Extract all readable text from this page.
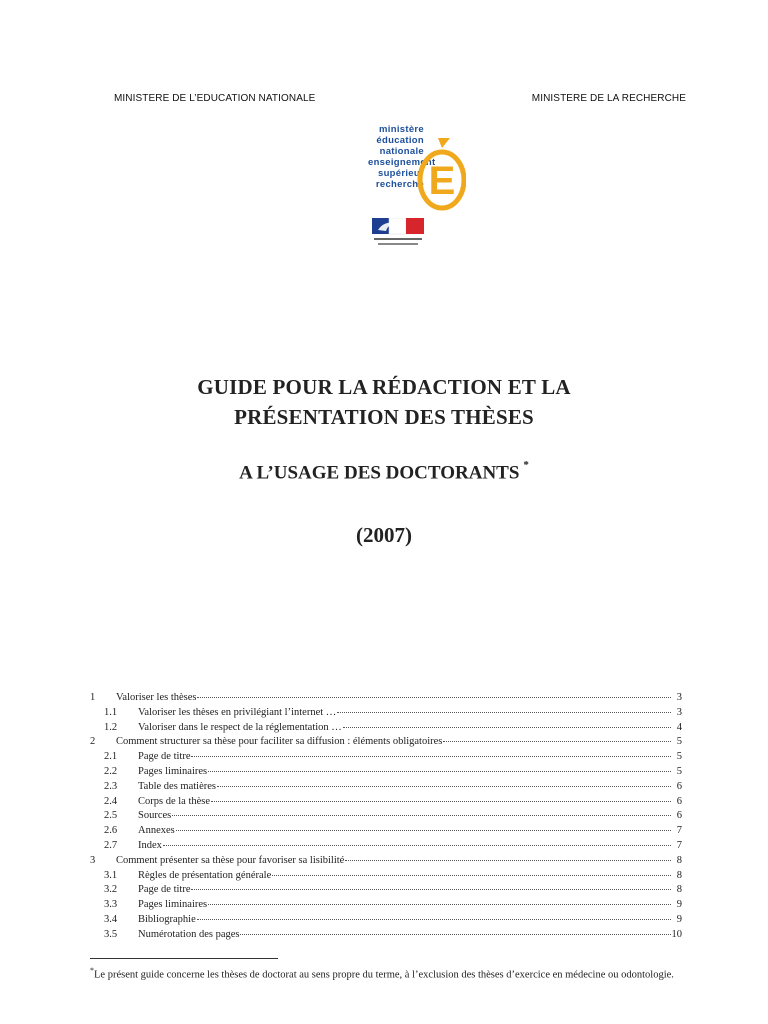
MINISTERE DE L’EDUCATION NATIONALE	MINISTERE DE LA RECHERCHE
ministère
éducation
nationale
enseignement
supérieur
recherche E
GUIDE POUR LA RÉDACTION ET LA
PRÉSENTATION DES THÈSES
A L’USAGE DES DOCTORANTS *
(2007)
1	Valoriser les thèses	3
1.1	Valoriser les thèses en privilégiant l’internet …	3
1.2	Valoriser dans le respect de la réglementation …	4
2	Comment structurer sa thèse pour faciliter sa diffusion : éléments obligatoires	5
2.1	Page de titre	5
2.2	Pages liminaires	5
2.3	Table des matières	6
2.4	Corps de la thèse	6
2.5	Sources	6
2.6	Annexes	7
2.7	Index	7
3	Comment présenter sa thèse pour favoriser sa lisibilité	8
3.1	Règles de présentation générale	8
3.2	Page de titre	8
3.3	Pages liminaires	9
3.4	Bibliographie	9
3.5	Numérotation des pages	10
*Le présent guide concerne les thèses de doctorat au sens propre du terme, à l’exclusion des thèses d’exercice en médecine ou odontologie.
